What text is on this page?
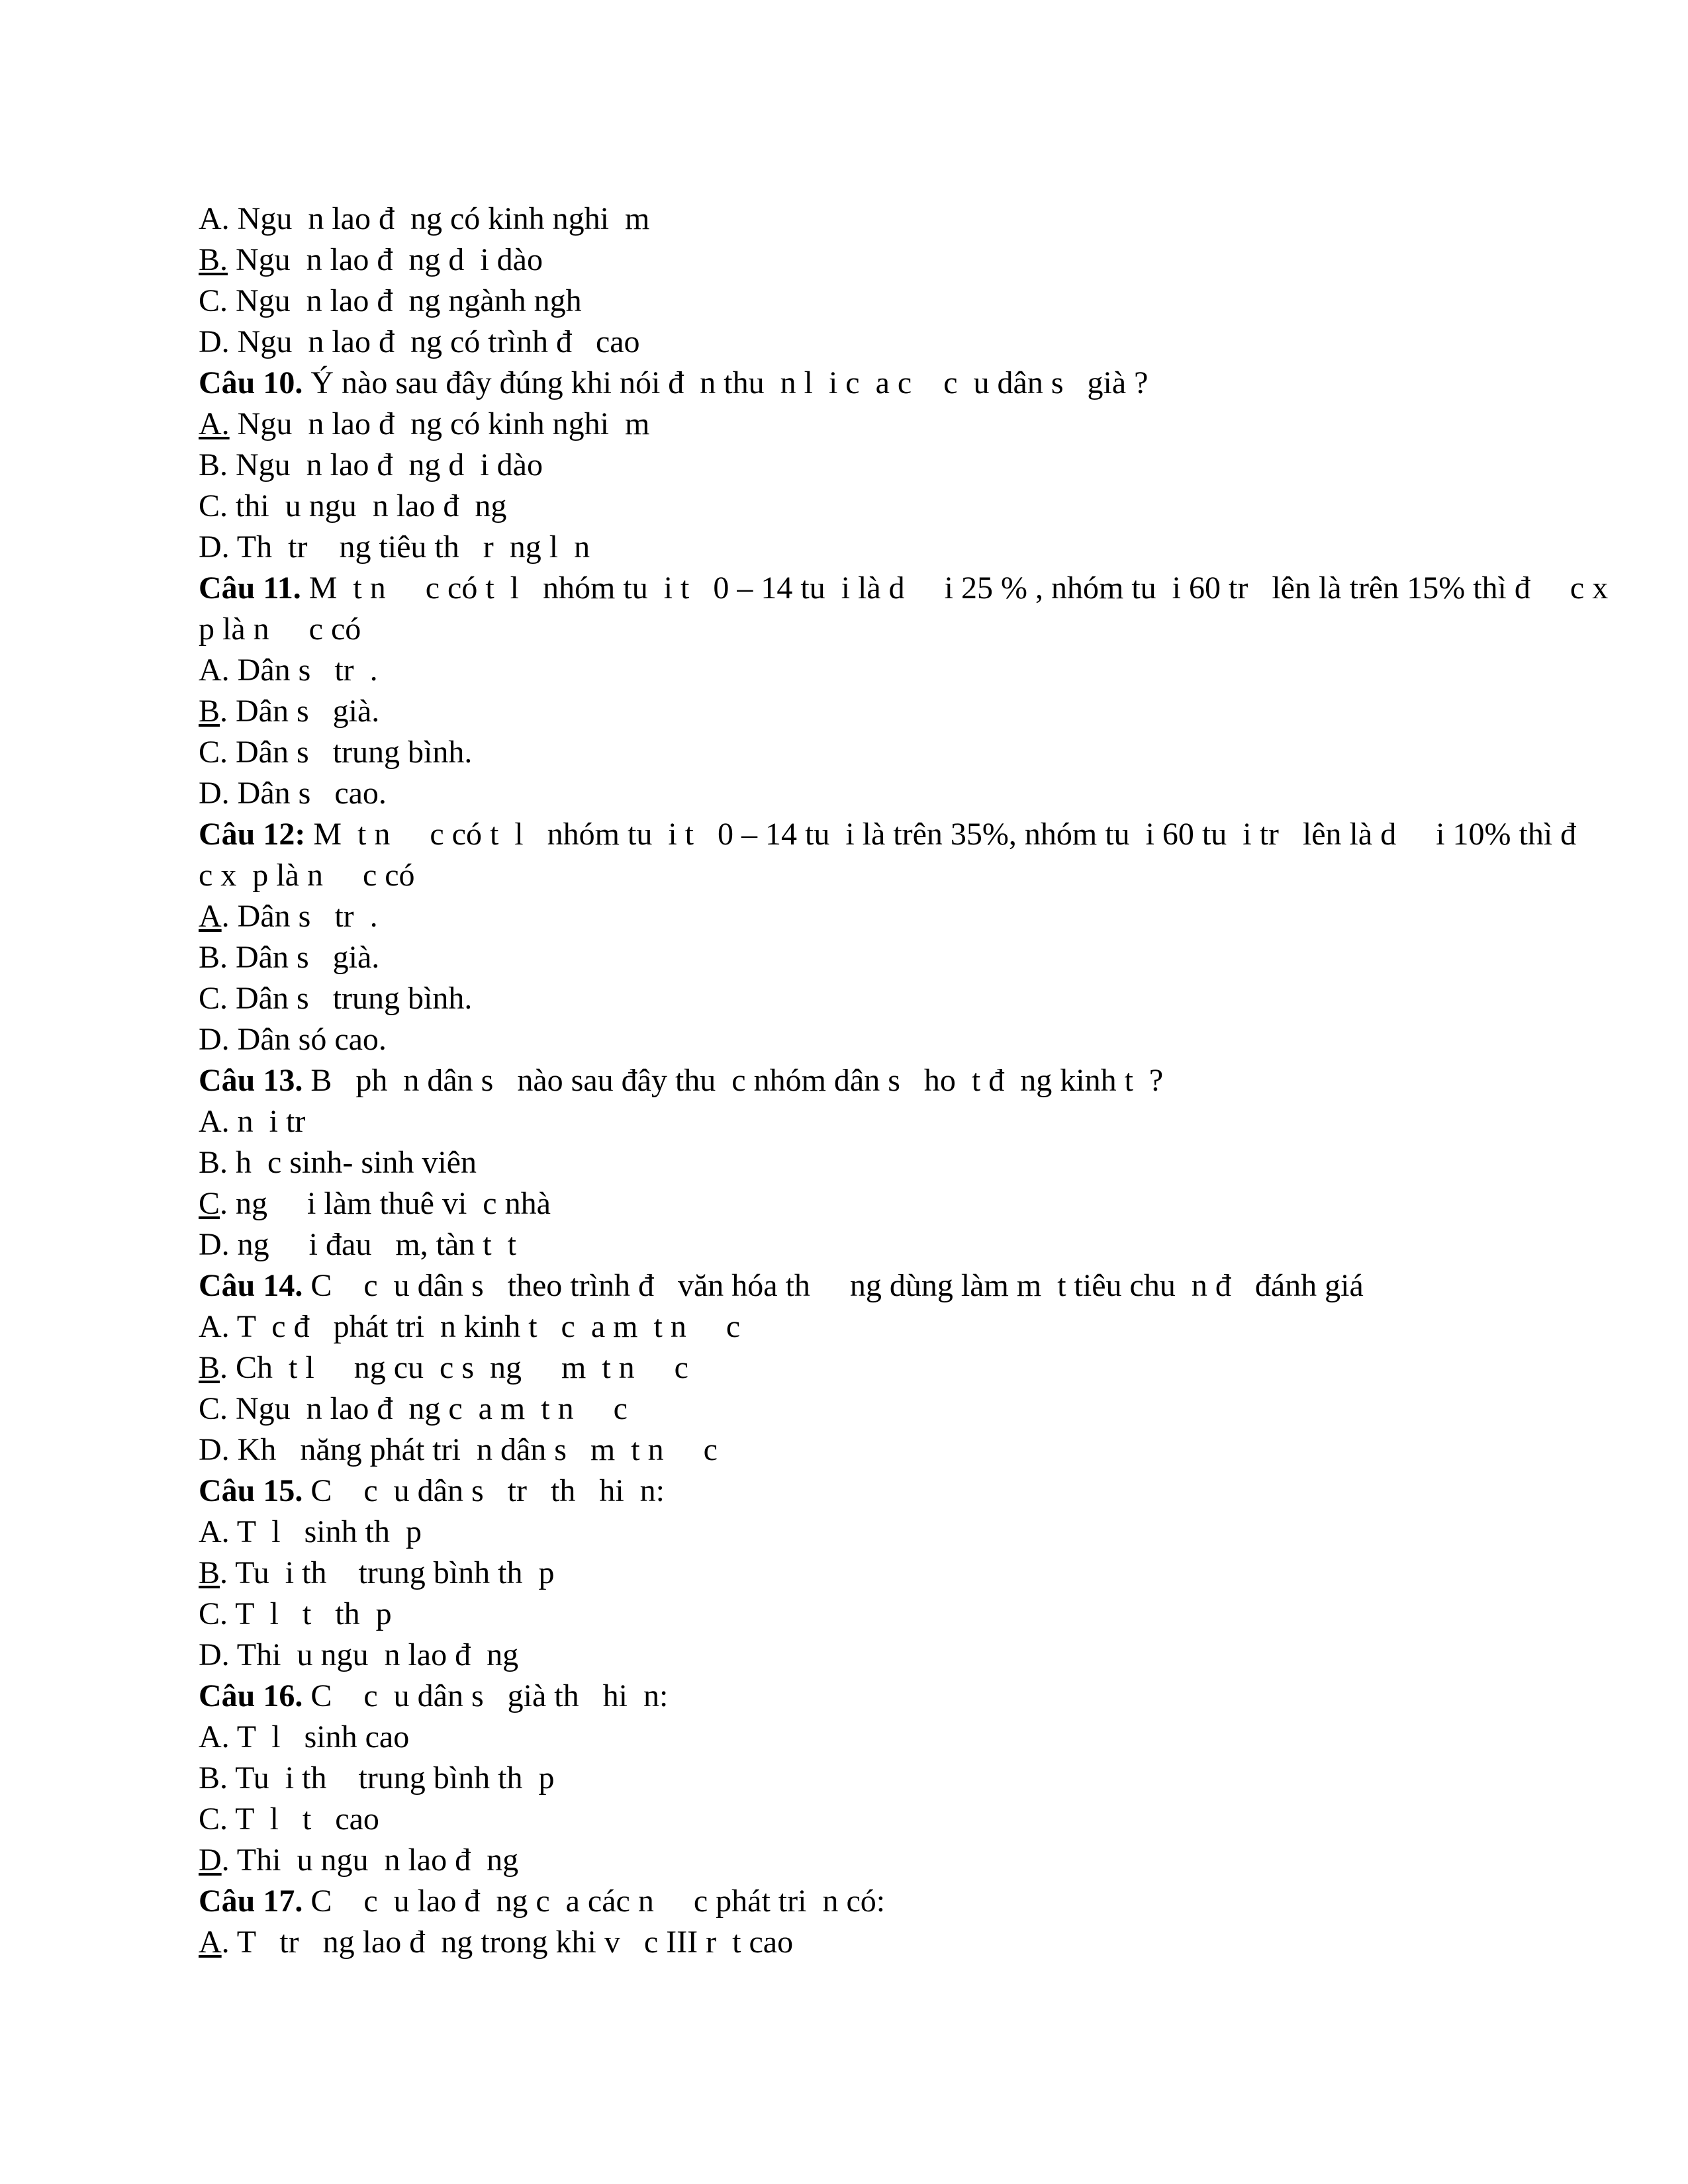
A. Ngu  n lao đ  ng có kinh nghi  m
B. Ngu  n lao đ  ng d  i dào
C. Ngu  n lao đ  ng ngành ngh
D. Ngu  n lao đ  ng có trình đ   cao
Câu 10. Ý nào sau đây đúng khi nói đ  n thu  n l  i c  a c    c  u dân s   già ?
A. Ngu  n lao đ  ng có kinh nghi  m
B. Ngu  n lao đ  ng d  i dào
C. thi  u ngu  n lao đ  ng
D. Th  tr    ng tiêu th   r  ng l  n
Câu 11. M  t n     c có t  l   nhóm tu  i t   0 – 14 tu  i là d     i 25 % , nhóm tu  i 60 tr   lên là trên 15% thì đ     c x  p là n     c có
A. Dân s   tr  .
B. Dân s   già.
C. Dân s   trung bình.
D. Dân s   cao.
Câu 12: M  t n     c có t  l   nhóm tu  i t   0 – 14 tu  i là trên 35%, nhóm tu  i 60 tu  i tr   lên là d     i 10% thì đ     c x  p là n     c có
A. Dân s   tr  .
B. Dân s   già.
C. Dân s   trung bình.
D. Dân só cao.
Câu 13. B   ph  n dân s   nào sau đây thu  c nhóm dân s   ho  t đ  ng kinh t  ?
A. n  i tr
B. h  c sinh- sinh viên
C. ng     i làm thuê vi  c nhà
D. ng     i đau   m, tàn t  t
Câu 14. C    c  u dân s   theo trình đ   văn hóa th     ng dùng làm m  t tiêu chu  n đ   đánh giá
A. T  c đ   phát tri  n kinh t   c  a m  t n     c
B. Ch  t l     ng cu  c s  ng     m  t n     c
C. Ngu  n lao đ  ng c  a m  t n     c
D. Kh   năng phát tri  n dân s   m  t n     c
Câu 15. C    c  u dân s   tr   th   hi  n:
A. T  l   sinh th  p
B. Tu  i th    trung bình th  p
C. T  l   t   th  p
D. Thi  u ngu  n lao đ  ng
Câu 16. C    c  u dân s   già th   hi  n:
A. T  l   sinh cao
B. Tu  i th    trung bình th  p
C. T  l   t   cao
D. Thi  u ngu  n lao đ  ng
Câu 17. C    c  u lao đ  ng c  a các n     c phát tri  n có:
A. T   tr   ng lao đ  ng trong khi v   c III r  t cao
